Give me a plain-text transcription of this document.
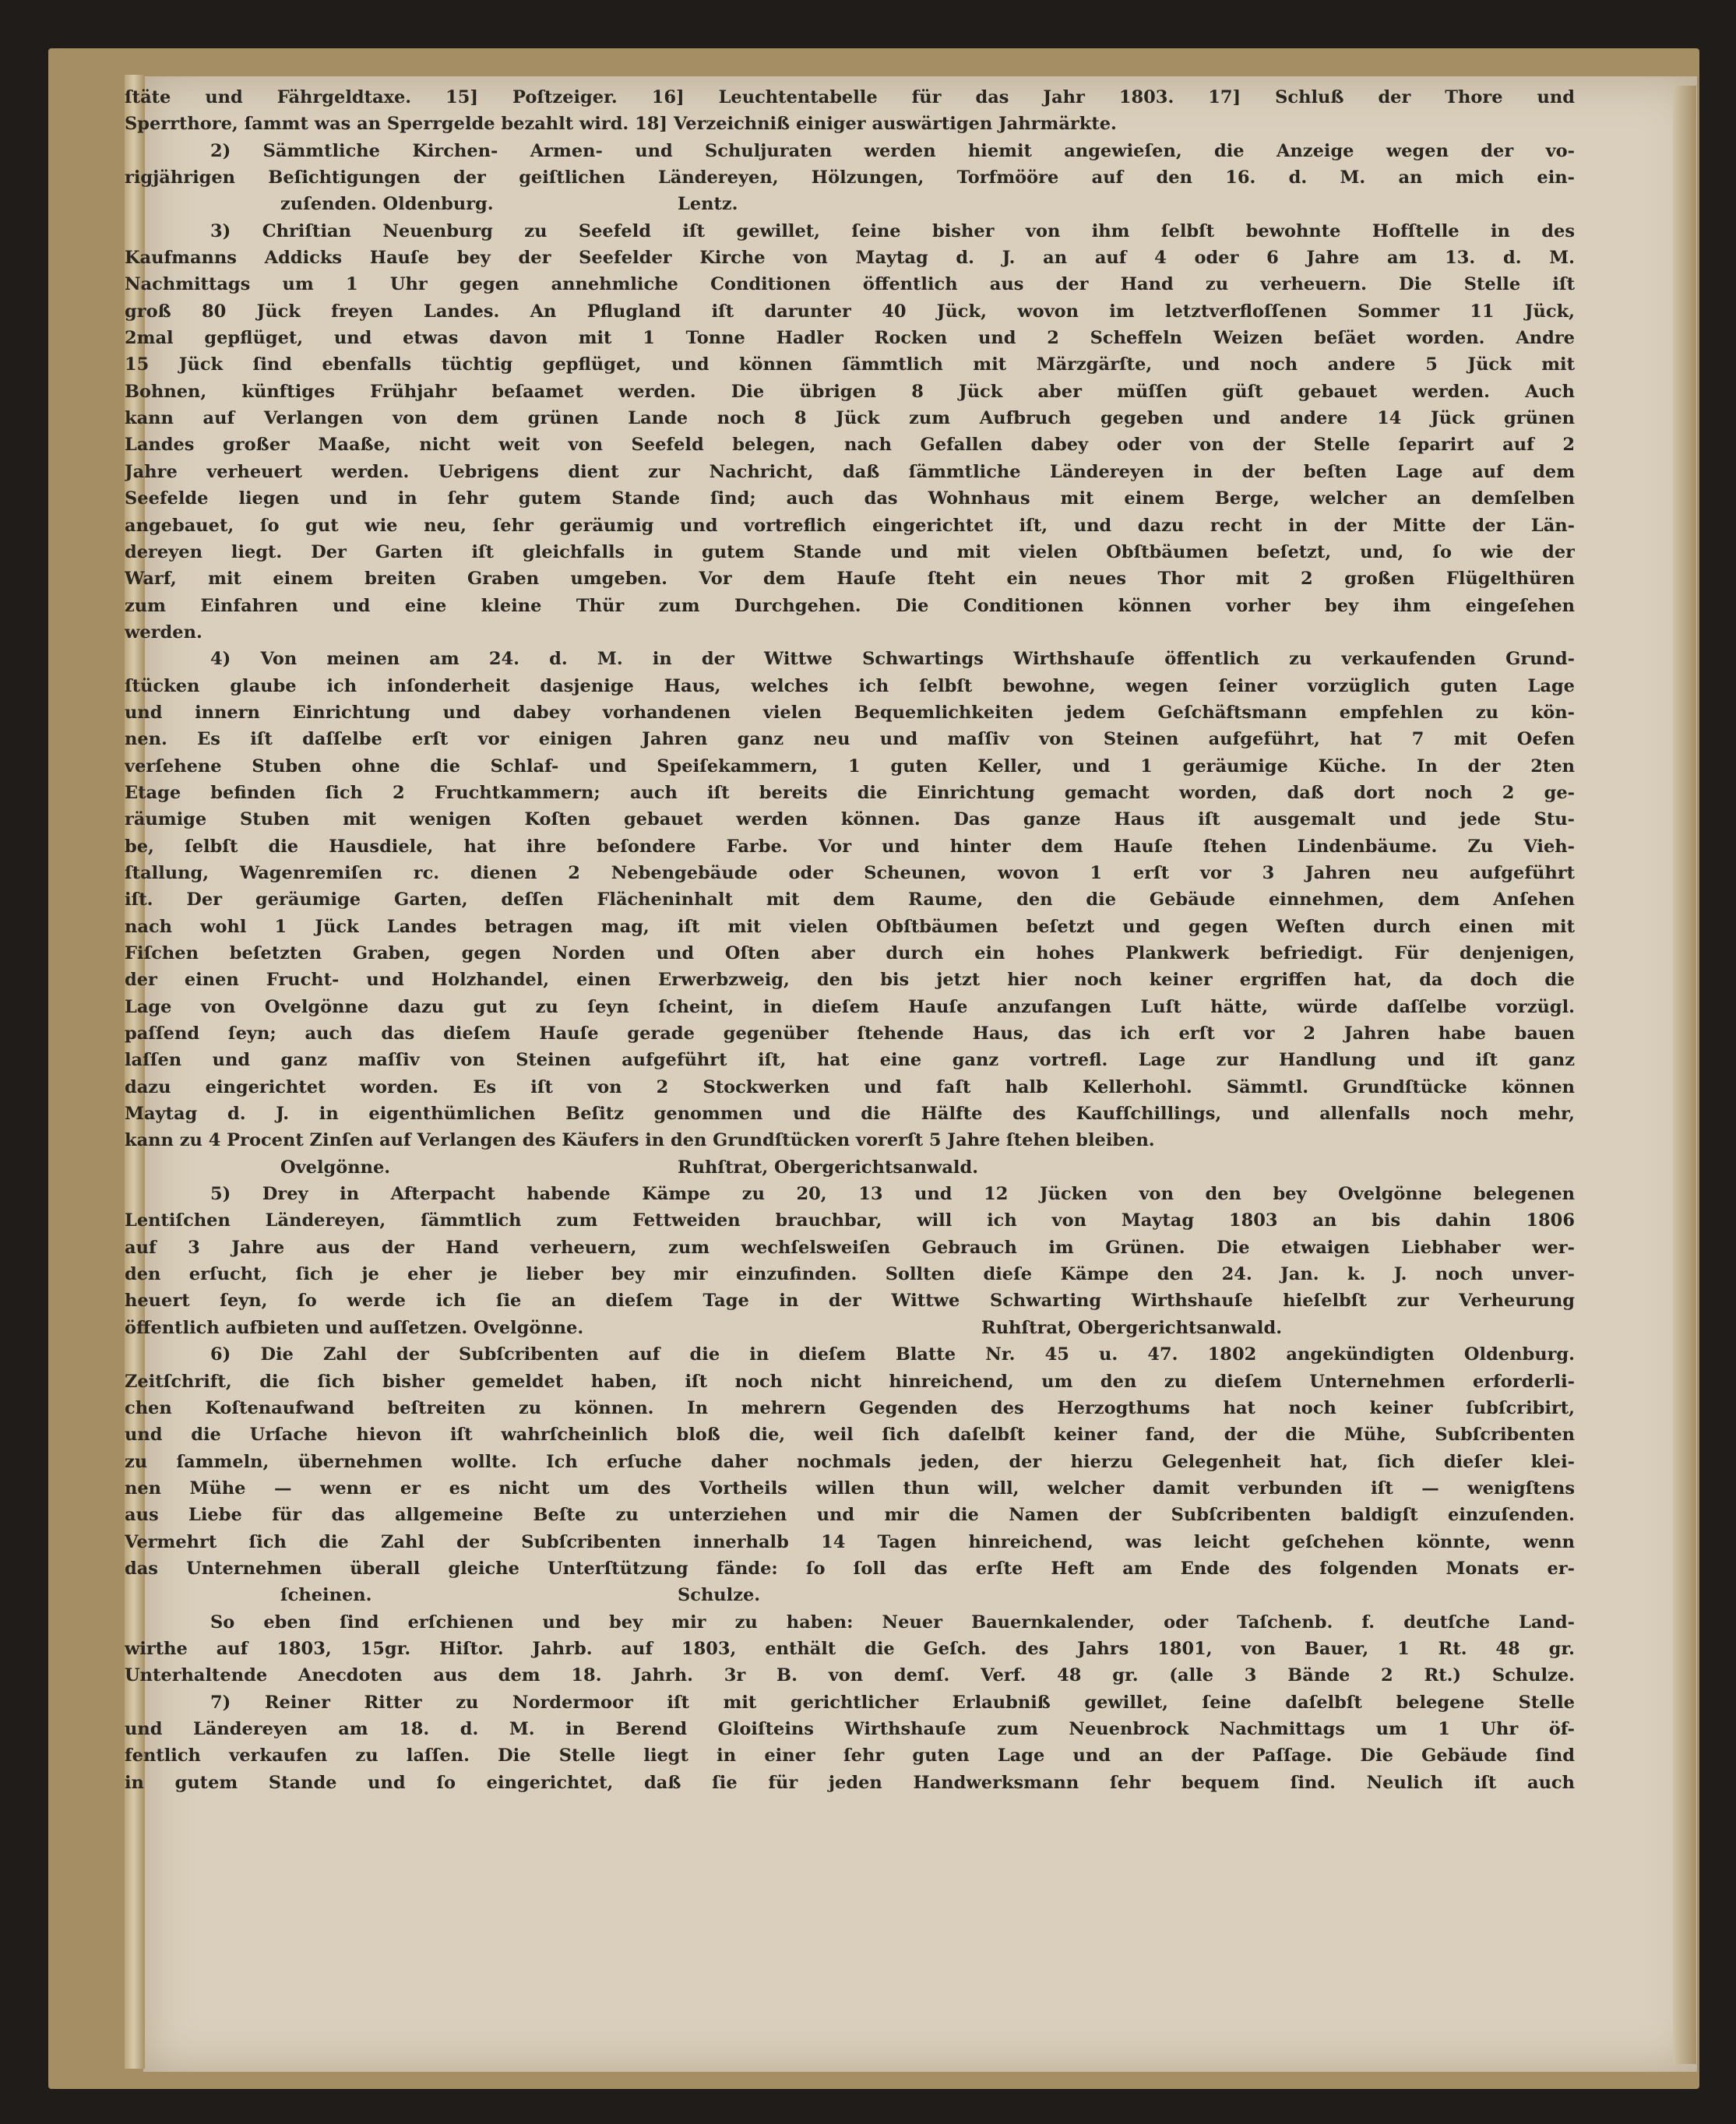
ſtäte und Fährgeldtaxe. 15] Poſtzeiger. 16] Leuchtentabelle für das Jahr 1803. 17] Schluß der Thore und
Sperrthore, ſammt was an Sperrgelde bezahlt wird. 18] Verzeichniß einiger auswärtigen Jahrmärkte.
2) Sämmtliche Kirchen- Armen- und Schuljuraten werden hiemit angewieſen, die Anzeige wegen der vo-
rigjährigen Beſichtigungen der geiſtlichen Ländereyen, Hölzungen, Torfmööre auf den 16. d. M. an mich ein-
zuſenden. Oldenburg.	Lentz.
3) Chriſtian Neuenburg zu Seefeld iſt gewillet, ſeine bisher von ihm ſelbſt bewohnte Hofſtelle in des
Kaufmanns Addicks Hauſe bey der Seefelder Kirche von Maytag d. J. an auf 4 oder 6 Jahre am 13. d. M.
Nachmittags um 1 Uhr gegen annehmliche Conditionen öffentlich aus der Hand zu verheuern. Die Stelle iſt
groß 80 Jück freyen Landes. An Pflugland iſt darunter 40 Jück, wovon im letztverfloſſenen Sommer 11 Jück,
2mal gepflüget, und etwas davon mit 1 Tonne Hadler Rocken und 2 Scheffeln Weizen beſäet worden. Andre
15 Jück ſind ebenfalls tüchtig gepflüget, und können ſämmtlich mit Märzgärſte, und noch andere 5 Jück mit
Bohnen, künftiges Frühjahr beſaamet werden. Die übrigen 8 Jück aber müſſen güſt gebauet werden. Auch
kann auf Verlangen von dem grünen Lande noch 8 Jück zum Aufbruch gegeben und andere 14 Jück grünen
Landes großer Maaße, nicht weit von Seefeld belegen, nach Gefallen dabey oder von der Stelle ſeparirt auf 2
Jahre verheuert werden. Uebrigens dient zur Nachricht, daß ſämmtliche Ländereyen in der beſten Lage auf dem
Seefelde liegen und in ſehr gutem Stande ſind; auch das Wohnhaus mit einem Berge, welcher an demſelben
angebauet, ſo gut wie neu, ſehr geräumig und vortreflich eingerichtet iſt, und dazu recht in der Mitte der Län-
dereyen liegt. Der Garten iſt gleichfalls in gutem Stande und mit vielen Obſtbäumen beſetzt, und, ſo wie der
Warf, mit einem breiten Graben umgeben. Vor dem Hauſe ſteht ein neues Thor mit 2 großen Flügelthüren
zum Einfahren und eine kleine Thür zum Durchgehen. Die Conditionen können vorher bey ihm eingeſehen
werden.
4) Von meinen am 24. d. M. in der Wittwe Schwartings Wirthshauſe öffentlich zu verkaufenden Grund-
ſtücken glaube ich inſonderheit dasjenige Haus, welches ich ſelbſt bewohne, wegen ſeiner vorzüglich guten Lage
und innern Einrichtung und dabey vorhandenen vielen Bequemlichkeiten jedem Geſchäftsmann empfehlen zu kön-
nen. Es iſt daſſelbe erſt vor einigen Jahren ganz neu und maſſiv von Steinen aufgeführt, hat 7 mit Oefen
verſehene Stuben ohne die Schlaf- und Speiſekammern, 1 guten Keller, und 1 geräumige Küche. In der 2ten
Etage befinden ſich 2 Fruchtkammern; auch iſt bereits die Einrichtung gemacht worden, daß dort noch 2 ge-
räumige Stuben mit wenigen Koſten gebauet werden können. Das ganze Haus iſt ausgemalt und jede Stu-
be, ſelbſt die Hausdiele, hat ihre beſondere Farbe. Vor und hinter dem Hauſe ſtehen Lindenbäume. Zu Vieh-
ſtallung, Wagenremiſen rc. dienen 2 Nebengebäude oder Scheunen, wovon 1 erſt vor 3 Jahren neu aufgeführt
iſt. Der geräumige Garten, deſſen Flächeninhalt mit dem Raume, den die Gebäude einnehmen, dem Anſehen
nach wohl 1 Jück Landes betragen mag, iſt mit vielen Obſtbäumen beſetzt und gegen Weſten durch einen mit
Fiſchen beſetzten Graben, gegen Norden und Oſten aber durch ein hohes Plankwerk befriedigt. Für denjenigen,
der einen Frucht- und Holzhandel, einen Erwerbzweig, den bis jetzt hier noch keiner ergriffen hat, da doch die
Lage von Ovelgönne dazu gut zu ſeyn ſcheint, in dieſem Hauſe anzufangen Luſt hätte, würde daſſelbe vorzügl.
paſſend ſeyn; auch das dieſem Hauſe gerade gegenüber ſtehende Haus, das ich erſt vor 2 Jahren habe bauen
laſſen und ganz maſſiv von Steinen aufgeführt iſt, hat eine ganz vortrefl. Lage zur Handlung und iſt ganz
dazu eingerichtet worden. Es iſt von 2 Stockwerken und faſt halb Kellerhohl. Sämmtl. Grundſtücke können
Maytag d. J. in eigenthümlichen Beſitz genommen und die Hälfte des Kaufſchillings, und allenfalls noch mehr,
kann zu 4 Procent Zinſen auf Verlangen des Käufers in den Grundſtücken vorerſt 5 Jahre ſtehen bleiben.
Ovelgönne.	Ruhſtrat, Obergerichtsanwald.
5) Drey in Afterpacht habende Kämpe zu 20, 13 und 12 Jücken von den bey Ovelgönne belegenen
Lentiſchen Ländereyen, ſämmtlich zum Fettweiden brauchbar, will ich von Maytag 1803 an bis dahin 1806
auf 3 Jahre aus der Hand verheuern, zum wechſelsweiſen Gebrauch im Grünen. Die etwaigen Liebhaber wer-
den erſucht, ſich je eher je lieber bey mir einzufinden. Sollten dieſe Kämpe den 24. Jan. k. J. noch unver-
heuert ſeyn, ſo werde ich ſie an dieſem Tage in der Wittwe Schwarting Wirthshauſe hieſelbſt zur Verheurung
öffentlich aufbieten und auſſetzen. Ovelgönne.	Ruhſtrat, Obergerichtsanwald.
6) Die Zahl der Subſcribenten auf die in dieſem Blatte Nr. 45 u. 47. 1802 angekündigten Oldenburg.
Zeitſchrift, die ſich bisher gemeldet haben, iſt noch nicht hinreichend, um den zu dieſem Unternehmen erforderli-
chen Koſtenaufwand beſtreiten zu können. In mehrern Gegenden des Herzogthums hat noch keiner ſubſcribirt,
und die Urſache hievon iſt wahrſcheinlich bloß die, weil ſich daſelbſt keiner fand, der die Mühe, Subſcribenten
zu ſammeln, übernehmen wollte. Ich erſuche daher nochmals jeden, der hierzu Gelegenheit hat, ſich dieſer klei-
nen Mühe — wenn er es nicht um des Vortheils willen thun will, welcher damit verbunden iſt — wenigſtens
aus Liebe für das allgemeine Beſte zu unterziehen und mir die Namen der Subſcribenten baldigſt einzuſenden.
Vermehrt ſich die Zahl der Subſcribenten innerhalb 14 Tagen hinreichend, was leicht geſchehen könnte, wenn
das Unternehmen überall gleiche Unterſtützung fände: ſo ſoll das erſte Heft am Ende des folgenden Monats er-
ſcheinen.	Schulze.
So eben ſind erſchienen und bey mir zu haben: Neuer Bauernkalender, oder Taſchenb. f. deutſche Land-
wirthe auf 1803, 15gr. Hiſtor. Jahrb. auf 1803, enthält die Geſch. des Jahrs 1801, von Bauer, 1 Rt. 48 gr.
Unterhaltende Anecdoten aus dem 18. Jahrh. 3r B. von demſ. Verf. 48 gr. (alle 3 Bände 2 Rt.) Schulze.
7) Reiner Ritter zu Nordermoor iſt mit gerichtlicher Erlaubniß gewillet, ſeine daſelbſt belegene Stelle
und Ländereyen am 18. d. M. in Berend Gloiſteins Wirthshauſe zum Neuenbrock Nachmittags um 1 Uhr öf-
fentlich verkaufen zu laſſen. Die Stelle liegt in einer ſehr guten Lage und an der Paſſage. Die Gebäude ſind
in gutem Stande und ſo eingerichtet, daß ſie für jeden Handwerksmann ſehr bequem ſind. Neulich iſt auch
